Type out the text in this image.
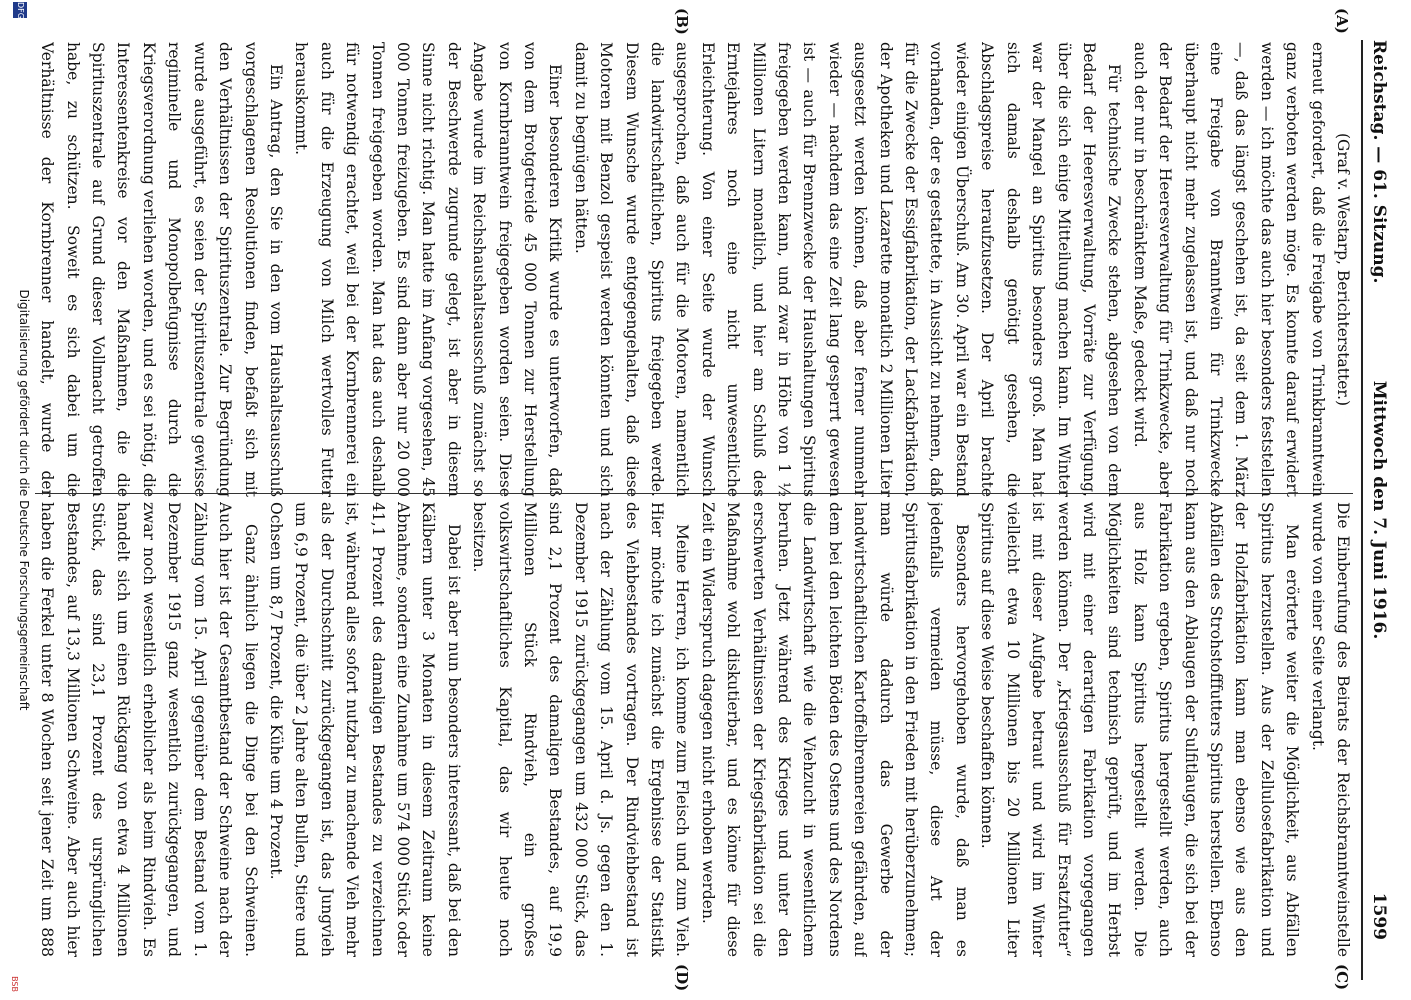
Reichstag. — 61. Sitzung.
Mittwoch den 7. Juni 1916.
1599
(A)
(B)
(C)
(D)

(Graf v. Westarp, Berichterstatter.)

erneut gefordert, daß die Freigabe von Trinkbranntwein ganz verboten werden möge. Es konnte darauf erwidert werden — ich möchte das auch hier besonders feststellen —, daß das längst geschehen ist, da seit dem 1. März eine Freigabe von Branntwein für Trinkzwecke überhaupt nicht mehr zugelassen ist, und daß nur noch der Bedarf der Heeresverwaltung für Trinkzwecke, aber auch der nur in beschränktem Maße, gedeckt wird.

Für technische Zwecke stehen, abgesehen von dem Bedarf der Heeresverwaltung, Vorräte zur Verfügung, über die sich einige Mitteilung machen kann. Im Winter war der Mangel an Spiritus besonders groß. Man hat sich damals deshalb genötigt gesehen, die Abschlagspreise heraufzusetzen. Der April brachte wieder einigen Überschuß. Am 30. April war ein Bestand vorhanden, der es gestattete, in Aussicht zu nehmen, daß für die Zwecke der Essigfabrikation, der Lackfabrikation, der Apotheken und Lazarette monatlich 2 Millionen Liter ausgesetzt werden können, daß aber ferner nunmehr wieder — nachdem das eine Zeit lang gesperrt gewesen ist — auch für Brennzwecke der Haushaltungen Spiritus freigegeben werden kann, und zwar in Höhe von 1 ½ Millionen Litern monatlich, und hier am Schluß des Erntejahres noch eine nicht unwesentliche Erleichterung. Von einer Seite wurde der Wunsch ausgesprochen, daß auch für die Motoren, namentlich die landwirtschaftlichen, Spiritus freigegeben werde. Diesem Wunsche wurde entgegengehalten, daß diese Motoren mit Benzol gespeist werden könnten und sich damit zu begnügen hätten.

Einer besonderen Kritik wurde es unterworfen, daß von dem Brotgetreide 45 000 Tonnen zur Herstellung von Kornbranntwein freigegeben worden seien. Diese Angabe wurde im Reichshaushaltsausschuß zunächst so der Beschwerde zugrunde gelegt, ist aber in diesem Sinne nicht richtig. Man hatte im Anfang vorgesehen, 45 000 Tonnen freizugeben. Es sind dann aber nur 20 000 Tonnen freigegeben worden. Man hat das auch deshalb für notwendig erachtet, weil bei der Kornbrennerei ein auch für die Erzeugung von Milch wertvolles Futter herauskommt.

Ein Antrag, den Sie in den vom Haushaltsausschuß vorgeschlagenen Resolutionen finden, befaßt sich mit den Verhältnissen der Spirituszentrale. Zur Begründung wurde ausgeführt, es seien der Spirituszentrale gewisse regiminelle und Monopolbefugnisse durch die Kriegsverordnung verliehen worden, und es sei nötig, die Interessentenkreise vor den Maßnahmen, die die Spirituszentrale auf Grund dieser Vollmacht getroffen habe, zu schützen. Soweit es sich dabei um die Verhältnisse der Kornbrenner handelt, wurde der

Die Einberufung des Beirats der Reichsbranntweinstelle wurde von einer Seite verlangt.

Man erörterte weiter die Möglichkeit, aus Abfällen Spiritus herzustellen. Aus der Zellulosefabrikation und der Holzfabrikation kann man ebenso wie aus den Abfällen des Strohstofffutters Spiritus herstellen. Ebenso kann aus den Ablaugen der Sulfitlaugen, die sich bei der Fabrikation ergeben, Spiritus hergestellt werden, auch aus Holz kann Spiritus hergestellt werden. Die Möglichkeiten sind technisch geprüft, und im Herbst wird mit einer derartigen Fabrikation vorgegangen werden können. Der „Kriegsausschuß für Ersatzfutter“ ist mit dieser Aufgabe betraut und wird im Winter vielleicht etwa 10 Millionen bis 20 Millionen Liter Spiritus auf diese Weise beschaffen können.

Besonders hervorgehoben wurde, daß man es jedenfalls vermeiden müsse, diese Art der Spiritusfabrikation in den Frieden mit herüberzunehmen; man würde dadurch das Gewerbe der landwirtschaftlichen Kartoffelbrennereien gefährden, auf dem bei den leichten Böden des Ostens und des Nordens die Landwirtschaft wie die Viehzucht in wesentlichem beruhen. Jetzt während des Krieges und unter den erschwerten Verhältnissen der Kriegsfabrikation sei die Maßnahme wohl diskutierbar, und es könne für diese Zeit ein Widerspruch dagegen nicht erhoben werden.

Meine Herren, ich komme zum Fleisch und zum Vieh. Hier möchte ich zunächst die Ergebnisse der Statistik des Viehbestandes vortragen. Der Rindviehbestand ist nach der Zählung vom 15. April d. Js. gegen den 1. Dezember 1915 zurückgegangen um 432 000 Stück, das sind 2,1 Prozent des damaligen Bestandes, auf 19,9 Millionen Stück Rindvieh, ein großes volkswirtschaftliches Kapital, das wir heute noch besitzen.

Dabei ist aber nun besonders interessant, daß bei den Kälbern unter 3 Monaten in diesem Zeitraum keine Abnahme, sondern eine Zunahme um 574 000 Stück oder 41,1 Prozent des damaligen Bestandes zu verzeichnen ist, während alles sofort nutzbar zu machende Vieh mehr als der Durchschnitt zurückgegangen ist, das Jungvieh um 6,9 Prozent, die über 2 Jahre alten Bullen, Stiere und Ochsen um 8,7 Prozent, die Kühe um 4 Prozent.

Ganz ähnlich liegen die Dinge bei den Schweinen. Auch hier ist der Gesamtbestand der Schweine nach der Zählung vom 15. April gegenüber dem Bestand vom 1. Dezember 1915 ganz wesentlich zurückgegangen, und zwar noch wesentlich erheblicher als beim Rindvieh. Es handelt sich um einen Rückgang von etwa 4 Millionen Stück, das sind 23,1 Prozent des ursprünglichen Bestandes, auf 13,3 Millionen Schweine. Aber auch hier haben die Ferkel unter 8 Wochen seit jener Zeit um 888

DFG
Digitalisierung gefördert durch die Deutsche Forschungsgemeinschaft
BSB
